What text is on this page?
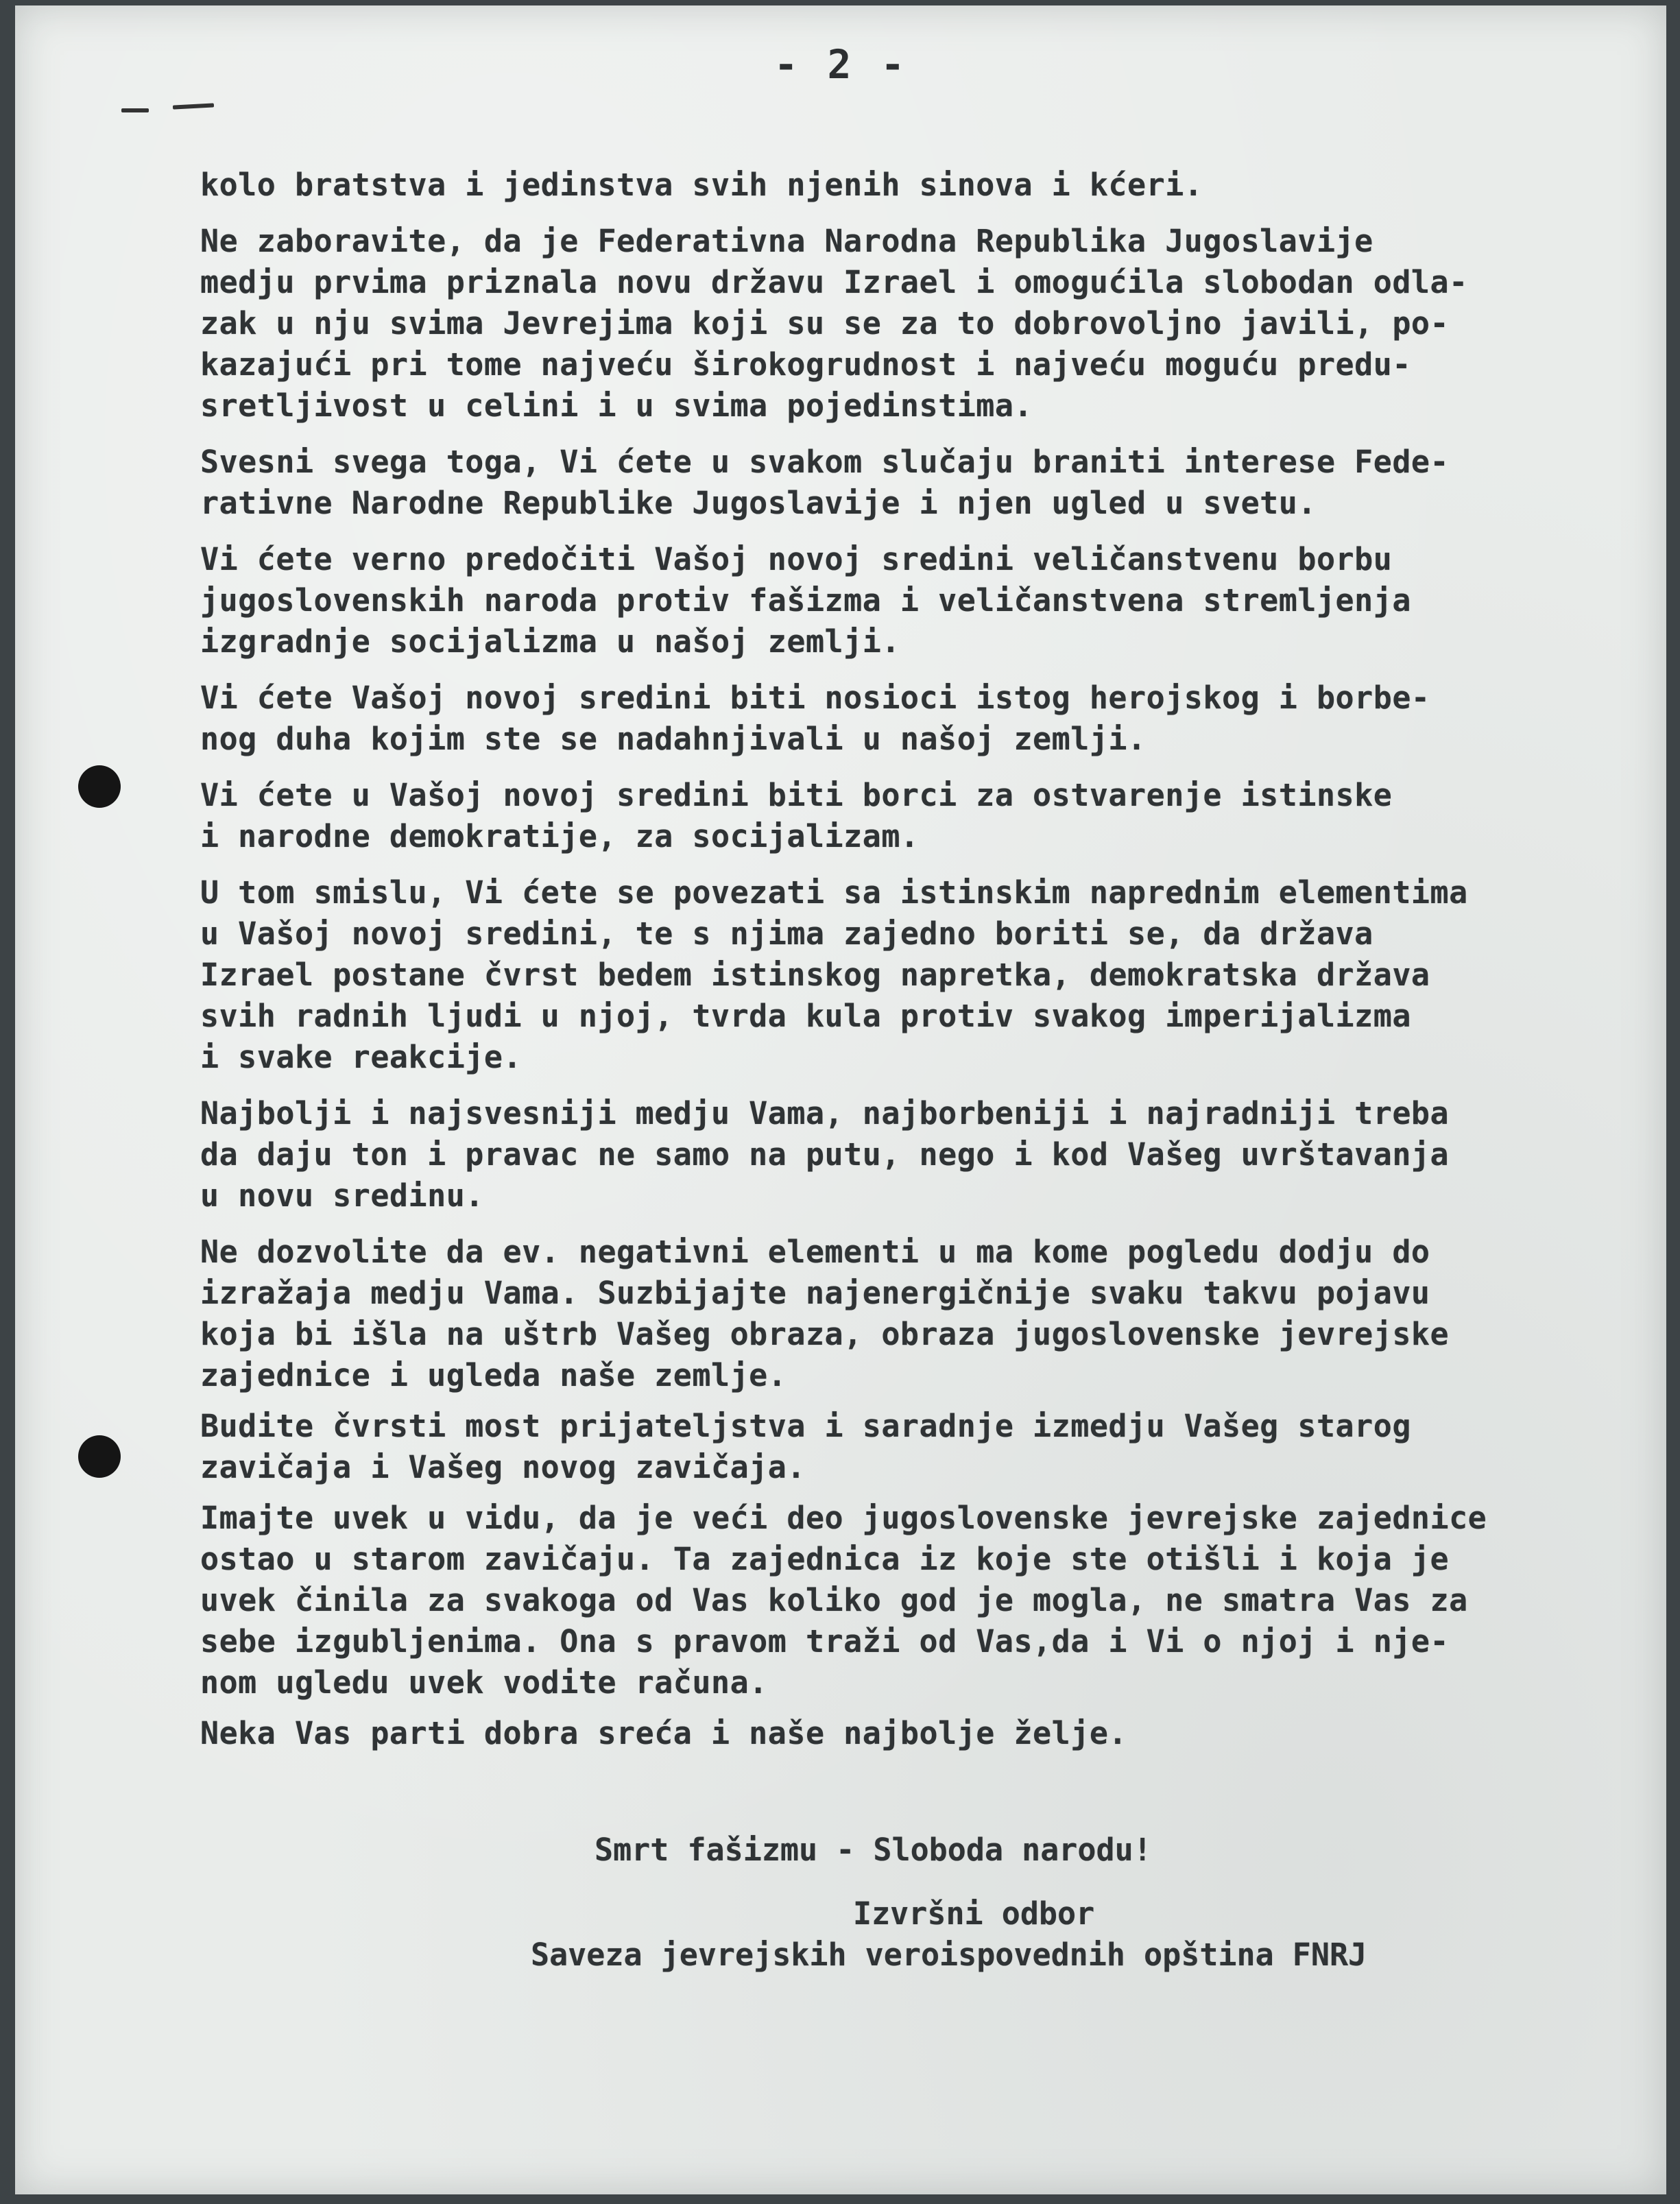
- 2 -

kolo bratstva i jedinstva svih njenih sinova i kćeri.

Ne zaboravite, da je Federativna Narodna Republika Jugoslavije
medju prvima priznala novu državu Izrael i omogućila slobodan odla-
zak u nju svima Jevrejima koji su se za to dobrovoljno javili, po-
kazajući pri tome najveću širokogrudnost i najveću moguću predu-
sretljivost u celini i u svima pojedinstima.

Svesni svega toga, Vi ćete u svakom slučaju braniti interese Fede-
rativne Narodne Republike Jugoslavije i njen ugled u svetu.

Vi ćete verno predočiti Vašoj novoj sredini veličanstvenu borbu
jugoslovenskih naroda protiv fašizma i veličanstvena stremljenja
izgradnje socijalizma u našoj zemlji.

Vi ćete Vašoj novoj sredini biti nosioci istog herojskog i borbe-
nog duha kojim ste se nadahnjivali u našoj zemlji.

Vi ćete u Vašoj novoj sredini biti borci za ostvarenje istinske
i narodne demokratije, za socijalizam.

U tom smislu, Vi ćete se povezati sa istinskim naprednim elementima
u Vašoj novoj sredini, te s njima zajedno boriti se, da država
Izrael postane čvrst bedem istinskog napretka, demokratska država
svih radnih ljudi u njoj, tvrda kula protiv svakog imperijalizma
i svake reakcije.

Najbolji i najsvesniji medju Vama, najborbeniji i najradniji treba
da daju ton i pravac ne samo na putu, nego i kod Vašeg uvrštavanja
u novu sredinu.

Ne dozvolite da ev. negativni elementi u ma kome pogledu dodju do
izražaja medju Vama. Suzbijajte najenergičnije svaku takvu pojavu
koja bi išla na uštrb Vašeg obraza, obraza jugoslovenske jevrejske
zajednice i ugleda naše zemlje.

Budite čvrsti most prijateljstva i saradnje izmedju Vašeg starog
zavičaja i Vašeg novog zavičaja.

Imajte uvek u vidu, da je veći deo jugoslovenske jevrejske zajednice
ostao u starom zavičaju. Ta zajednica iz koje ste otišli i koja je
uvek činila za svakoga od Vas koliko god je mogla, ne smatra Vas za
sebe izgubljenima. Ona s pravom traži od Vas,da i Vi o njoj i nje-
nom ugledu uvek vodite računa.

Neka Vas parti dobra sreća i naše najbolje želje.

Smrt fašizmu - Sloboda narodu!
Izvršni odbor
Saveza jevrejskih veroispovednih opština FNRJ
